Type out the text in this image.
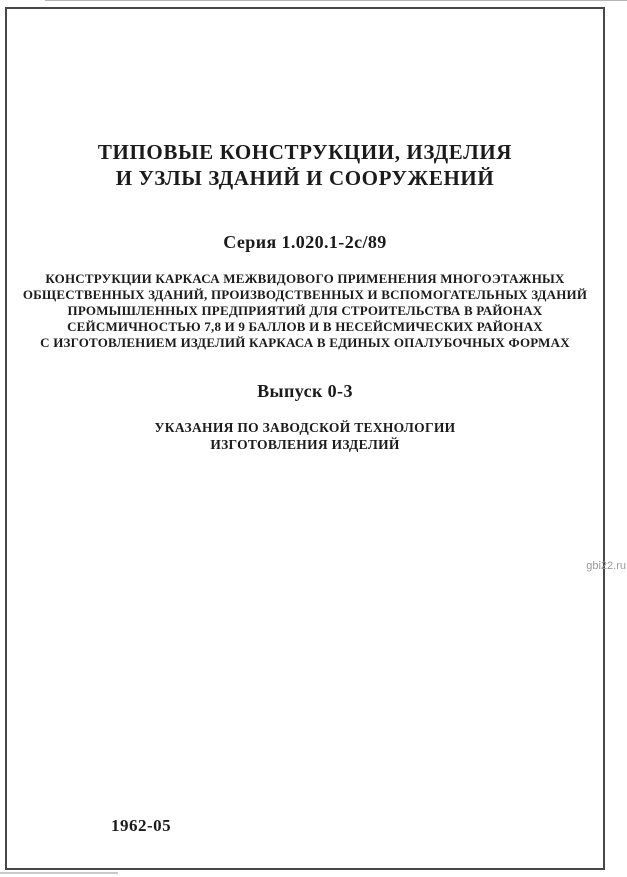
ТИПОВЫЕ КОНСТРУКЦИИ, ИЗДЕЛИЯ
И УЗЛЫ ЗДАНИЙ И СООРУЖЕНИЙ
Серия 1.020.1-2с/89
КОНСТРУКЦИИ КАРКАСА МЕЖВИДОВОГО ПРИМЕНЕНИЯ МНОГОЭТАЖНЫХ
ОБЩЕСТВЕННЫХ ЗДАНИЙ, ПРОИЗВОДСТВЕННЫХ И ВСПОМОГАТЕЛЬНЫХ ЗДАНИЙ
ПРОМЫШЛЕННЫХ ПРЕДПРИЯТИЙ ДЛЯ СТРОИТЕЛЬСТВА В РАЙОНАХ
СЕЙСМИЧНОСТЬЮ 7,8 И 9 БАЛЛОВ И В НЕСЕЙСМИЧЕСКИХ РАЙОНАХ
С ИЗГОТОВЛЕНИЕМ ИЗДЕЛИЙ КАРКАСА В ЕДИНЫХ ОПАЛУБОЧНЫХ ФОРМАХ
Выпуск 0-3
УКАЗАНИЯ ПО ЗАВОДСКОЙ ТЕХНОЛОГИИ
ИЗГОТОВЛЕНИЯ ИЗДЕЛИЙ
1962-05
gbi22.ru
